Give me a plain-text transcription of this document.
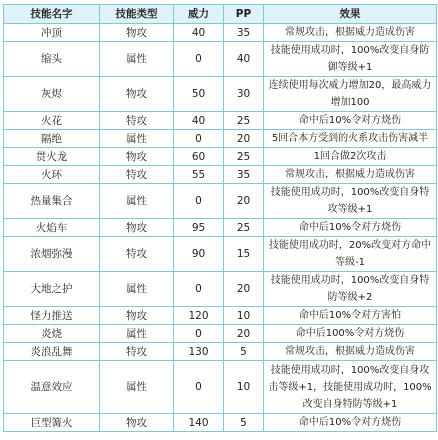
技能名字	技能类型	威力	PP	效果
冲顶	物攻	40	35	常规攻击，根据威力造成伤害
缩头	属性	0	40	技能使用成功时，100%改变自身防御等级+1
灰烬	物攻	50	30	连续使用每次威力增加20，最高威力增加100
火花	特攻	40	25	命中后10%令对方烧伤
隔绝	属性	0	20	5回合本方受到的火系攻击伤害减半
贯火龙	物攻	60	25	1回合做2次攻击
火环	特攻	55	35	常规攻击，根据威力造成伤害
热量集合	属性	0	20	技能使用成功时，100%改变自身特攻等级+1
火焰车	物攻	95	25	命中后10%令对方烧伤
浓烟弥漫	特攻	90	15	技能使用成功时，20%改变对方命中等级-1
大地之护	属性	0	20	技能使用成功时，100%改变自身特防等级+2
怪力推送	物攻	120	10	命中后10%令对方害怕
炎烧	属性	0	20	命中后100%令对方烧伤
炎浪乱舞	特攻	130	5	常规攻击，根据威力造成伤害
温意效应	属性	0	10	技能使用成功时，100%改变自身攻击等级+1，技能使用成功时，100%改变自身特防等级+1
巨型篝火	物攻	140	5	命中后10%令对方烧伤
